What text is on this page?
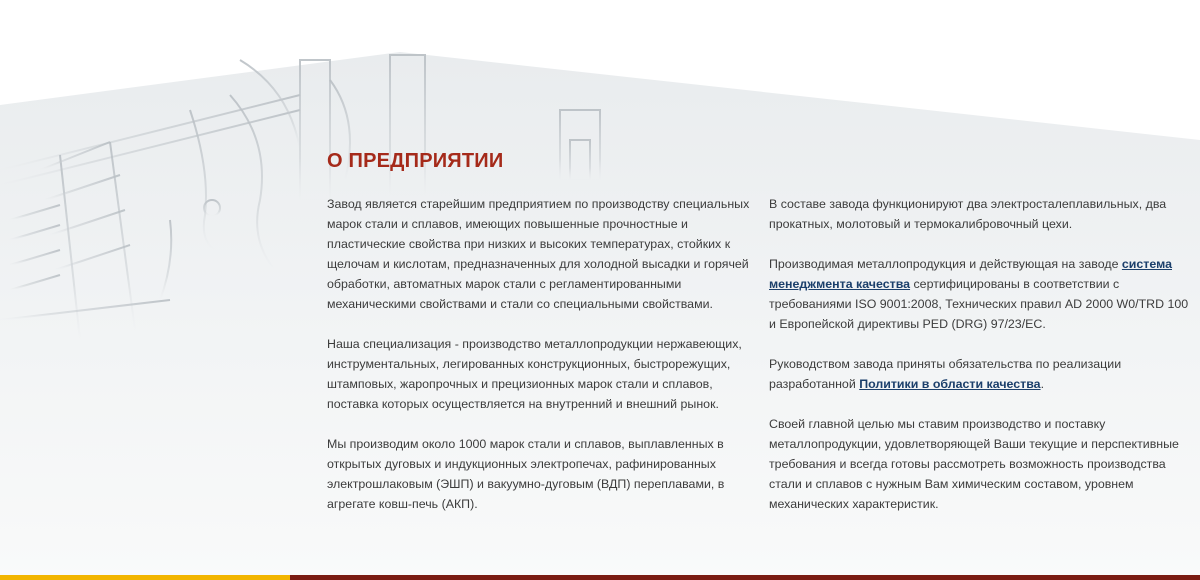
О ПРЕДПРИЯТИИ

Завод является старейшим предприятием по производству специальных марок стали и сплавов, имеющих повышенные прочностные и пластические свойства при низких и высоких температурах, стойких к щелочам и кислотам, предназначенных для холодной высадки и горячей обработки, автоматных марок стали с регламентированными механическими свойствами и стали со специальными свойствами.

Наша специализация - производство металлопродукции нержавеющих, инструментальных, легированных конструкционных, быстрорежущих, штамповых, жаропрочных и прецизионных марок стали и сплавов, поставка которых осуществляется на внутренний и внешний рынок.

Мы производим около 1000 марок стали и сплавов, выплавленных в открытых дуговых и индукционных электропечах, рафинированных электрошлаковым (ЭШП) и вакуумно-дуговым (ВДП) переплавами, в агрегате ковш-печь (АКП).

В составе завода функционируют два электросталеплавильных, два прокатных, молотовый и термокалибровочный цехи.

Производимая металлопродукция и действующая на заводе система менеджмента качества сертифицированы в соответствии с требованиями ISO 9001:2008, Технических правил AD 2000 W0/TRD 100 и Европейской директивы PED (DRG) 97/23/ЕС.

Руководством завода приняты обязательства по реализации разработанной Политики в области качества.

Своей главной целью мы ставим производство и поставку металлопродукции, удовлетворяющей Ваши текущие и перспективные требования и всегда готовы рассмотреть возможность производства стали и сплавов с нужным Вам химическим составом, уровнем механических характеристик.
